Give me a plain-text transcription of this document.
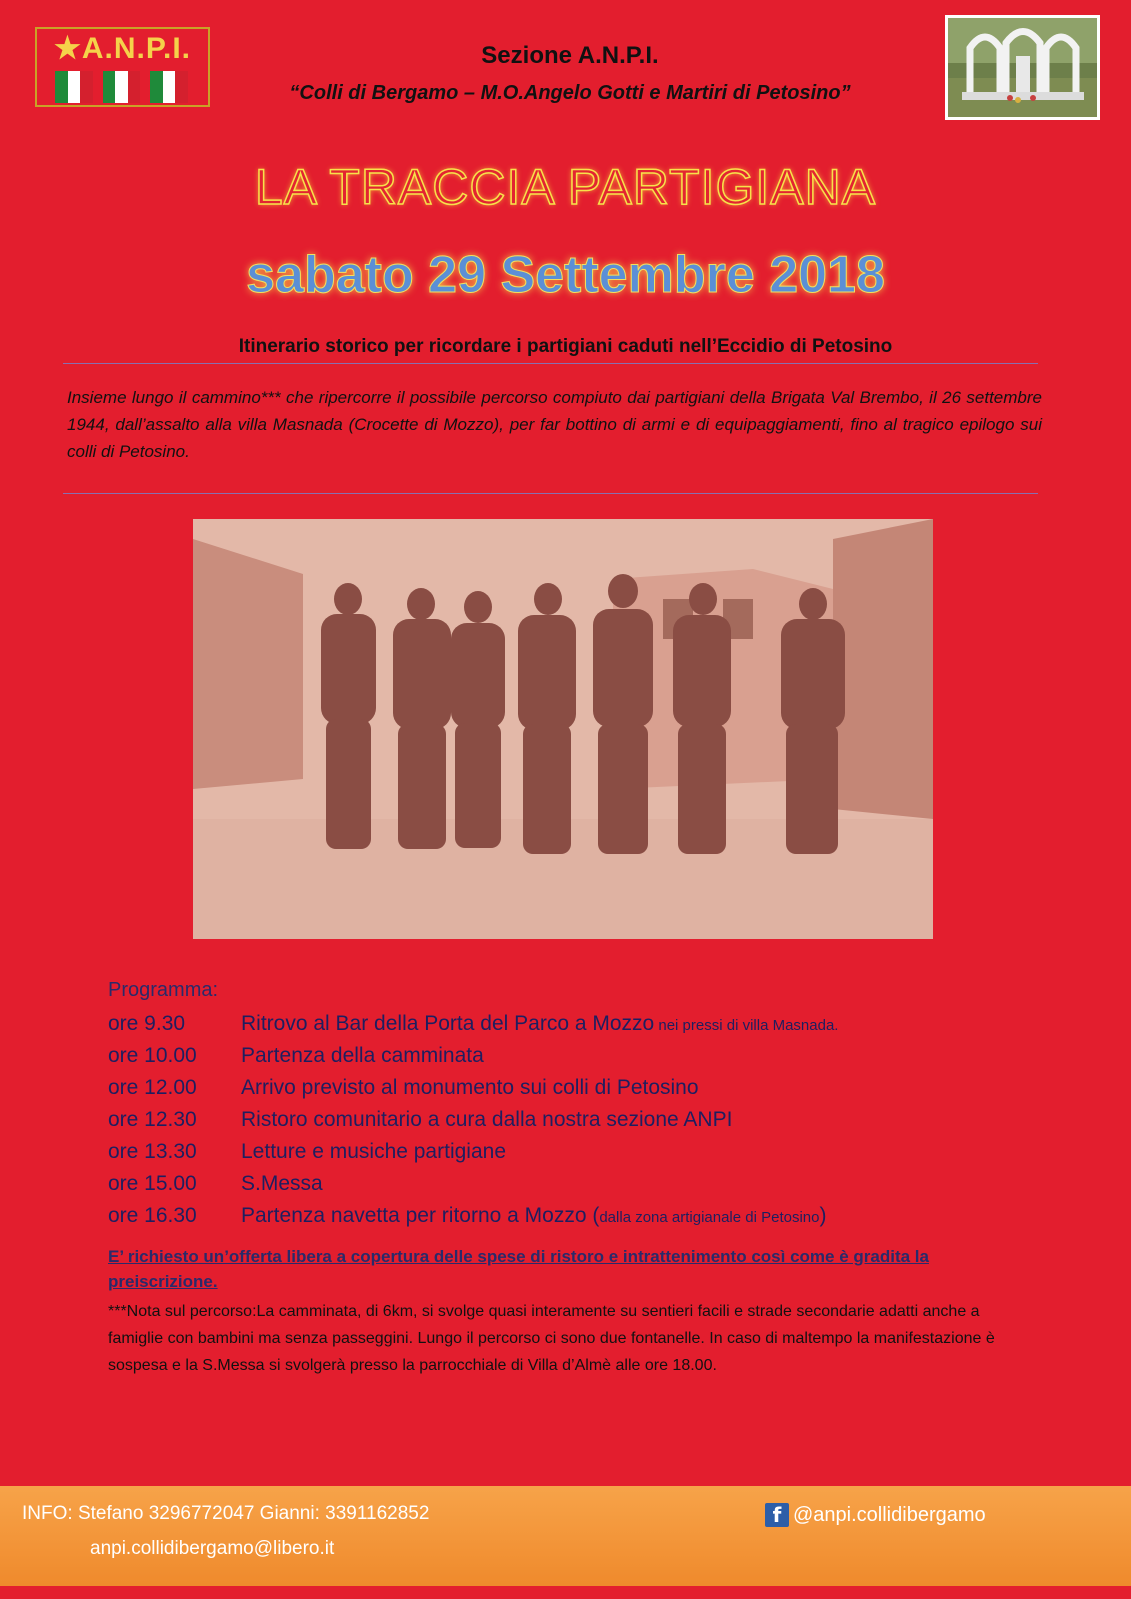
★A.N.P.I.	Sezione A.N.P.I.
“Colli di Bergamo – M.O.Angelo Gotti e Martiri di Petosino”
LA TRACCIA PARTIGIANA
sabato 29 Settembre 2018
Itinerario storico per ricordare i partigiani caduti nell’Eccidio di Petosino
Insieme lungo il cammino*** che ripercorre il possibile percorso compiuto dai partigiani della Brigata Val Brembo, il 26 settembre 1944, dall’assalto alla villa Masnada (Crocette di Mozzo), per far bottino di armi e di equipaggiamenti, fino al tragico epilogo sui colli di Petosino.
Programma:
ore 9.30	Ritrovo al Bar della Porta del Parco a Mozzo nei pressi di villa Masnada.
ore 10.00	Partenza della camminata
ore 12.00	Arrivo previsto al monumento sui colli di Petosino
ore 12.30	Ristoro comunitario a cura dalla nostra sezione ANPI
ore 13.30	Letture e musiche partigiane
ore 15.00	S.Messa
ore 16.30	Partenza navetta per ritorno a Mozzo (dalla zona artigianale di Petosino)
E’ richiesto un’offerta libera a copertura delle spese di ristoro e intrattenimento così come è gradita la preiscrizione.
***Nota sul percorso:La camminata, di 6km, si svolge quasi interamente su sentieri facili e strade secondarie adatti anche a famiglie con bambini ma senza passeggini. Lungo il percorso ci sono due fontanelle. In caso di maltempo la manifestazione è sospesa e la S.Messa si svolgerà presso la parrocchiale di Villa d’Almè alle ore 18.00.
INFO: Stefano 3296772047 Gianni: 3391162852
anpi.collidibergamo@libero.it
f @anpi.collidibergamo
